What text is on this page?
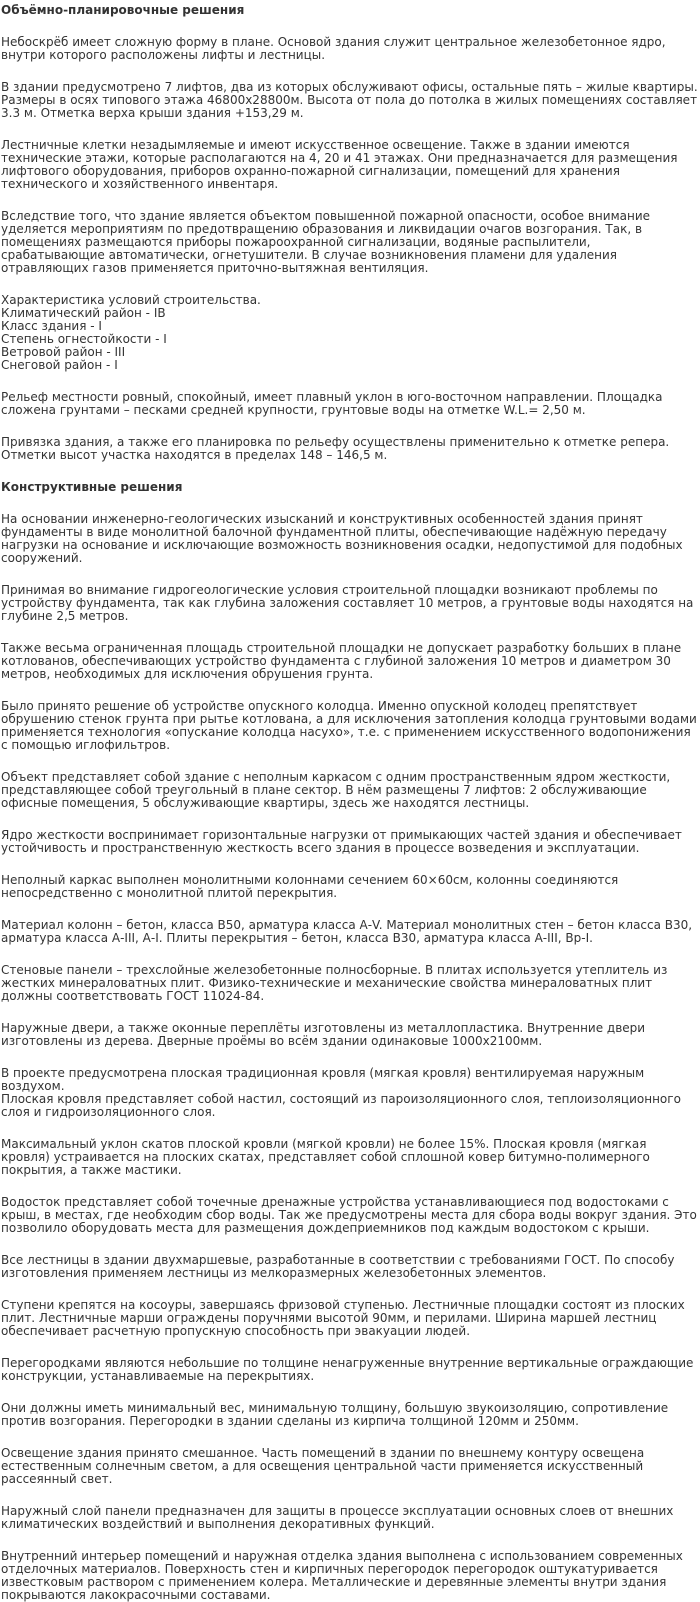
Объёмно-планировочные решения

Небоскрёб имеет сложную форму в плане. Основой здания служит центральное железобетонное ядро, внутри которого расположены лифты и лестницы.

В здании предусмотрено 7 лифтов, два из которых обслуживают офисы, остальные пять – жилые квартиры. Размеры в осях типового этажа 46800х28800м. Высота от пола до потолка в жилых помещениях составляет 3.3 м. Отметка верха крыши здания +153,29 м.

Лестничные клетки незадымляемые и имеют искусственное освещение. Также в здании имеются технические этажи, которые располагаются на 4, 20 и 41 этажах. Они предназначается для размещения лифтового оборудования, приборов охранно-пожарной сигнализации, помещений для хранения технического и хозяйственного инвентаря.

Вследствие того, что здание является объектом повышенной пожарной опасности, особое внимание уделяется мероприятиям по предотвращению образования и ликвидации очагов возгорания. Так, в помещениях размещаются приборы пожароохранной сигнализации, водяные распылители, срабатывающие автоматически, огнетушители. В случае возникновения пламени для удаления отравляющих газов применяется приточно-вытяжная вентиляция.

Характеристика условий строительства.
Климатический район - IB
Класс здания - I
Степень огнестойкости - I
Ветровой район - III
Снеговой район - I

Рельеф местности ровный, спокойный, имеет плавный уклон в юго-восточном направлении. Площадка сложена грунтами – песками средней крупности, грунтовые воды на отметке W.L.= 2,50 м.

Привязка здания, а также его планировка по рельефу осуществлены применительно к отметке репера. Отметки высот участка находятся в пределах 148 – 146,5 м.

Конструктивные решения

На основании инженерно-геологических изысканий и конструктивных особенностей здания принят фундаменты в виде монолитной балочной фундаментной плиты, обеспечивающие надёжную передачу нагрузки на основание и исключающие возможность возникновения осадки, недопустимой для подобных сооружений.

Принимая во внимание гидрогеологические условия строительной площадки возникают проблемы по устройству фундамента, так как глубина заложения составляет 10 метров, а грунтовые воды находятся на глубине 2,5 метров.

Также весьма ограниченная площадь строительной площадки не допускает разработку больших в плане котлованов, обеспечивающих устройство фундамента с глубиной заложения 10 метров и диаметром 30 метров, необходимых для исключения обрушения грунта.

Было принято решение об устройстве опускного колодца. Именно опускной колодец препятствует обрушению стенок грунта при рытье котлована, а для исключения затопления колодца грунтовыми водами применяется технология «опускание колодца насухо», т.е. с применением искусственного водопонижения с помощью иглофильтров.

Объект представляет собой здание с неполным каркасом с одним пространственным ядром жесткости, представляющее собой треугольный в плане сектор. В нём размещены 7 лифтов: 2 обслуживающие офисные помещения, 5 обслуживающие квартиры, здесь же находятся лестницы.

Ядро жесткости воспринимает горизонтальные нагрузки от примыкающих частей здания и обеспечивает устойчивость и пространственную жесткость всего здания в процессе возведения и эксплуатации.

Неполный каркас выполнен монолитными колоннами сечением 60×60см, колонны соединяются непосредственно с монолитной плитой перекрытия.

Материал колонн – бетон, класса В50, арматура класса А-V. Материал монолитных стен – бетон класса В30, арматура класса А-III, А-I. Плиты перекрытия – бетон, класса В30, арматура класса А-III, Вр-I.

Стеновые панели – трехслойные железобетонные полносборные. В плитах используется утеплитель из жестких минераловатных плит. Физико-технические и механические свойства минераловатных плит должны соответствовать ГОСТ 11024-84.

Наружные двери, а также оконные переплёты изготовлены из металлопластика. Внутренние двери изготовлены из дерева. Дверные проёмы во всём здании одинаковые 1000х2100мм.

В проекте предусмотрена плоская традиционная кровля (мягкая кровля) вентилируемая наружным воздухом.
Плоская кровля представляет собой настил, состоящий из пароизоляционного слоя, теплоизоляционного слоя и гидроизоляционного слоя.

Максимальный уклон скатов плоской кровли (мягкой кровли) не более 15%. Плоская кровля (мягкая кровля) устраивается на плоских скатах, представляет собой сплошной ковер битумно-полимерного покрытия, а также мастики.

Водосток представляет собой точечные дренажные устройства устанавливающиеся под водостоками с крыш, в местах, где необходим сбор воды. Так же предусмотрены места для сбора воды вокруг здания. Это позволило оборудовать места для размещения дождеприемников под каждым водостоком с крыши.

Все лестницы в здании двухмаршевые, разработанные в соответствии с требованиями ГОСТ. По способу изготовления применяем лестницы из мелкоразмерных железобетонных элементов.

Ступени крепятся на косоуры, завершаясь фризовой ступенью. Лестничные площадки состоят из плоских плит. Лестничные марши ограждены поручнями высотой 90мм, и перилами. Ширина маршей лестниц обеспечивает расчетную пропускную способность при эвакуации людей.

Перегородками являются небольшие по толщине ненагруженные внутренние вертикальные ограждающие конструкции, устанавливаемые на перекрытиях.

Они должны иметь минимальный вес, минимальную толщину, большую звукоизоляцию, сопротивление против возгорания. Перегородки в здании сделаны из кирпича толщиной 120мм и 250мм.

Освещение здания принято смешанное. Часть помещений в здании по внешнему контуру освещена естественным солнечным светом, а для освещения центральной части применяется искусственный рассеянный свет.

Наружный слой панели предназначен для защиты в процессе эксплуатации основных слоев от внешних климатических воздействий и выполнения декоративных функций.

Внутренний интерьер помещений и наружная отделка здания выполнена с использованием современных отделочных материалов. Поверхность стен и кирпичных перегородок перегородок оштукатуривается известковым раствором с применением колера. Металлические и деревянные элементы внутри здания покрываются лакокрасочными составами.
